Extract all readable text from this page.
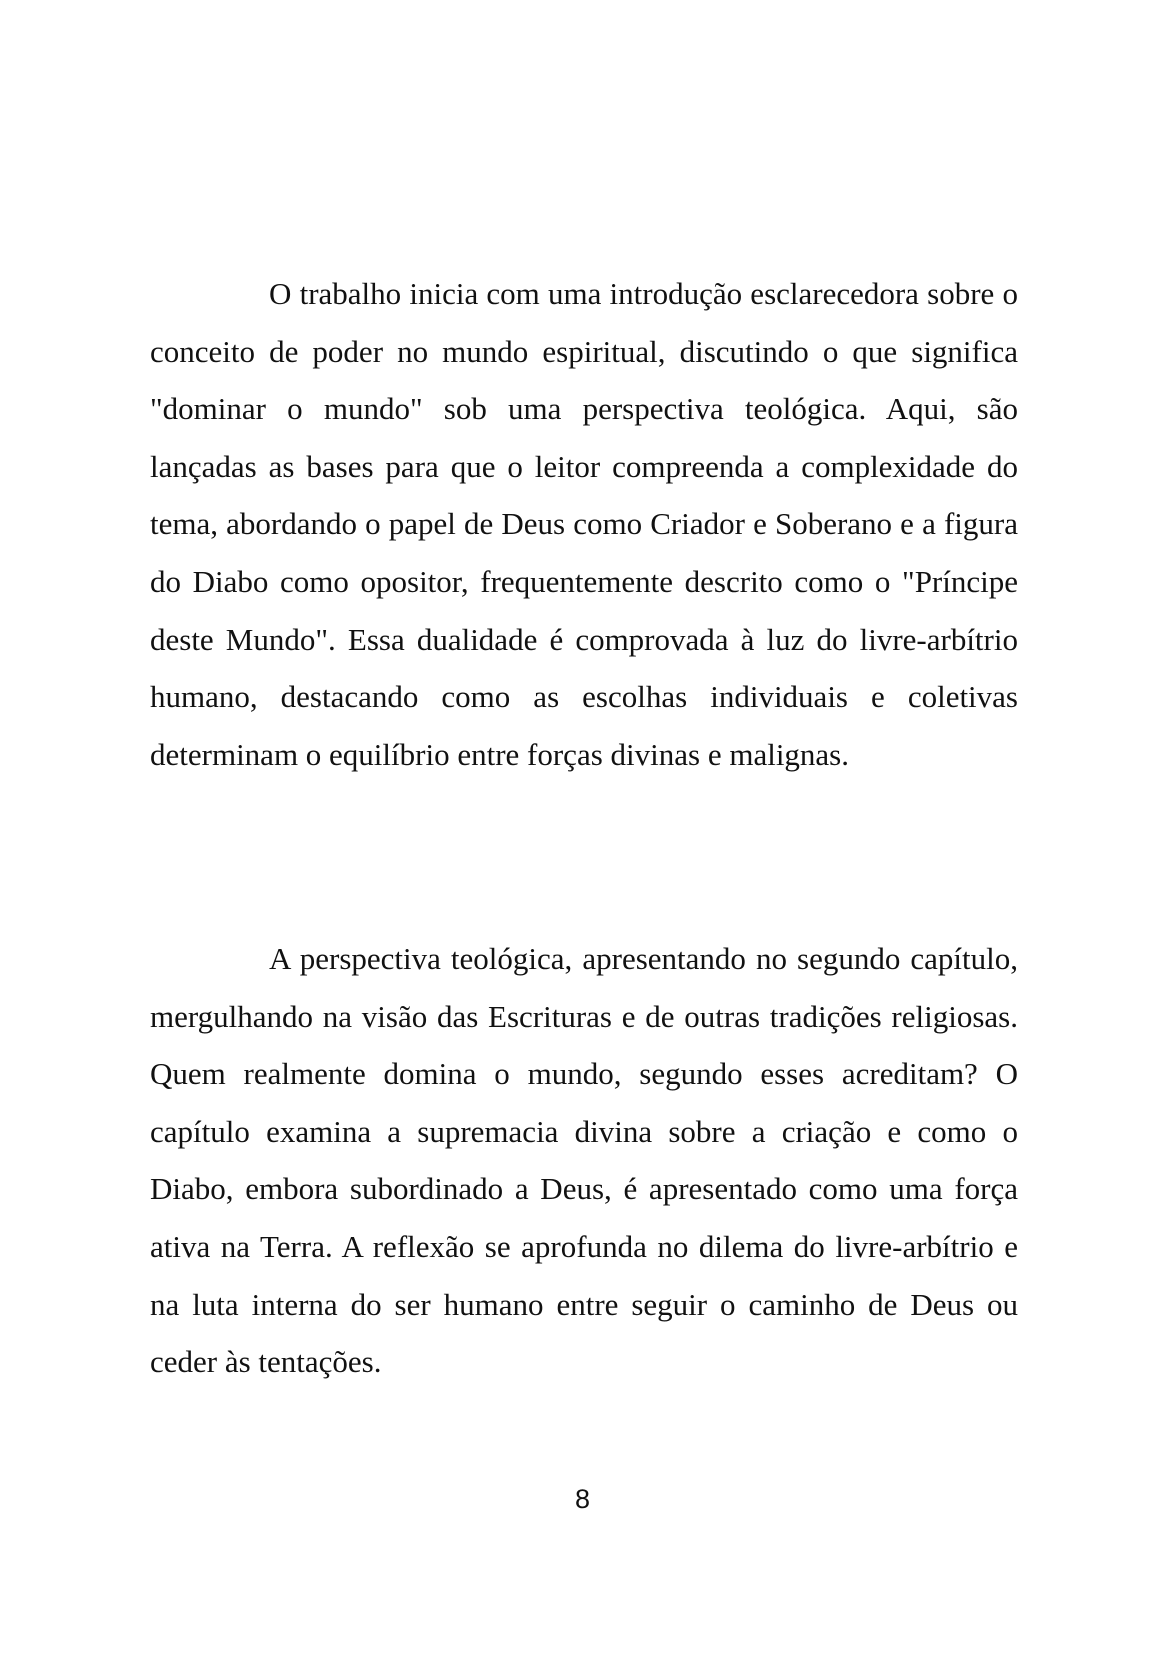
O trabalho inicia com uma introdução esclarecedora sobre o conceito de poder no mundo espiritual, discutindo o que significa "dominar o mundo" sob uma perspectiva teológica. Aqui, são lançadas as bases para que o leitor compreenda a complexidade do tema, abordando o papel de Deus como Criador e Soberano e a figura do Diabo como opositor, frequentemente descrito como o "Príncipe deste Mundo". Essa dualidade é comprovada à luz do livre-arbítrio humano, destacando como as escolhas individuais e coletivas determinam o equilíbrio entre forças divinas e malignas.

A perspectiva teológica, apresentando no segundo capítulo, mergulhando na visão das Escrituras e de outras tradições religiosas. Quem realmente domina o mundo, segundo esses acreditam? O capítulo examina a supremacia divina sobre a criação e como o Diabo, embora subordinado a Deus, é apresentado como uma força ativa na Terra. A reflexão se aprofunda no dilema do livre-arbítrio e na luta interna do ser humano entre seguir o caminho de Deus ou ceder às tentações.

8
